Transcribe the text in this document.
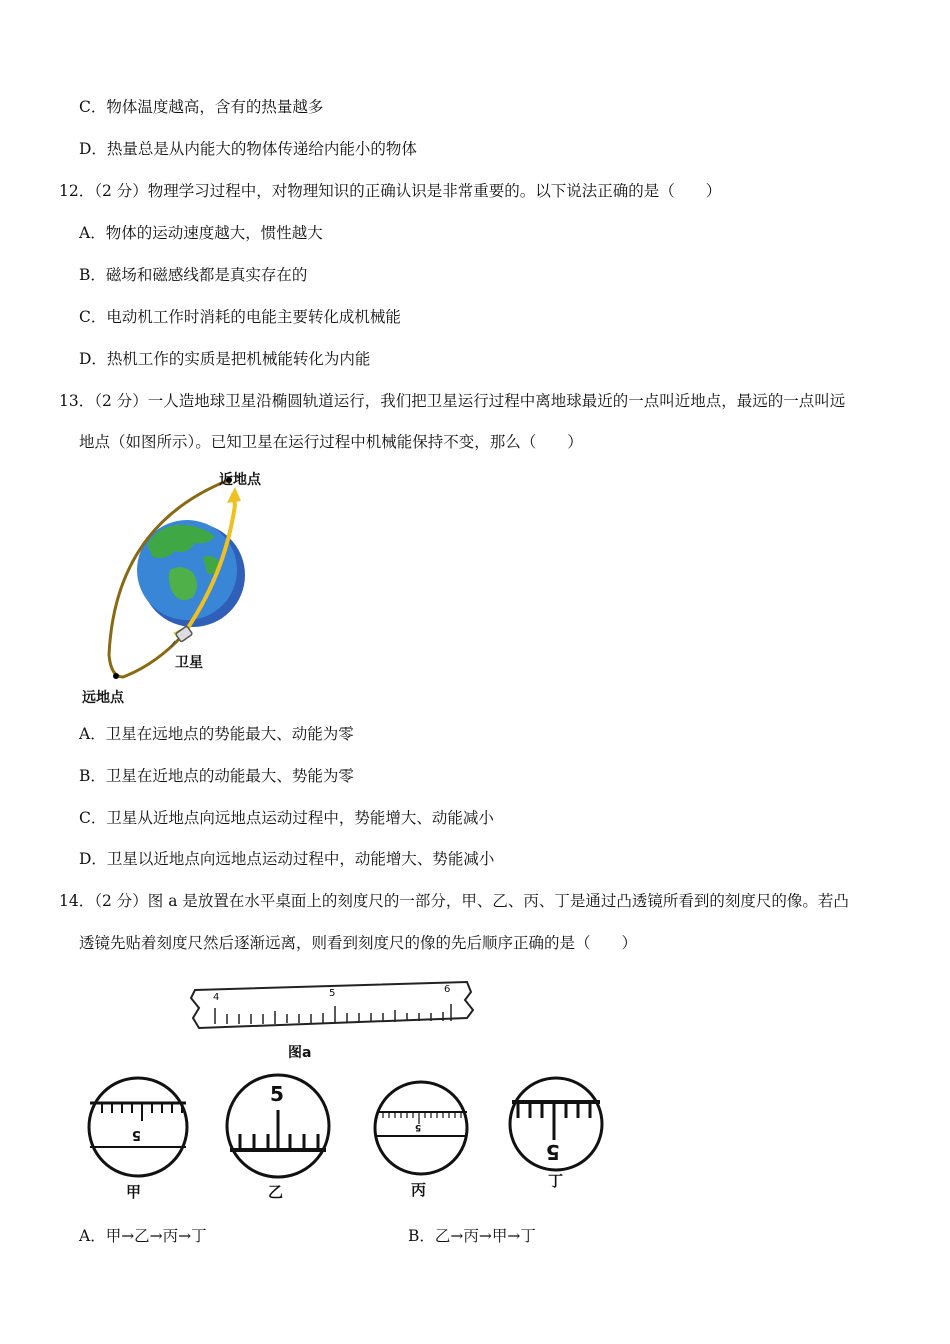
C．物体温度越高，含有的热量越多
D．热量总是从内能大的物体传递给内能小的物体
12．（2 分）物理学习过程中，对物理知识的正确认识是非常重要的。以下说法正确的是（　　）
A．物体的运动速度越大，惯性越大
B．磁场和磁感线都是真实存在的
C．电动机工作时消耗的电能主要转化成机械能
D．热机工作的实质是把机械能转化为内能
13．（2 分）一人造地球卫星沿椭圆轨道运行，我们把卫星运行过程中离地球最近的一点叫近地点，最远的一点叫远
地点（如图所示）。已知卫星在运行过程中机械能保持不变，那么（　　）
近地点
卫星
远地点
A．卫星在远地点的势能最大、动能为零
B．卫星在近地点的动能最大、势能为零
C．卫星从近地点向远地点运动过程中，势能增大、动能减小
D．卫星以近地点向远地点运动过程中，动能增大、势能减小
14．（2 分）图 a 是放置在水平桌面上的刻度尺的一部分，甲、乙、丙、丁是通过凸透镜所看到的刻度尺的像。若凸
透镜先贴着刻度尺然后逐渐远离，则看到刻度尺的像的先后顺序正确的是（　　）
4	5	6
图a
5
甲
5
乙
5
丙
5
丁
A．甲→乙→丙→丁	B．乙→丙→甲→丁
